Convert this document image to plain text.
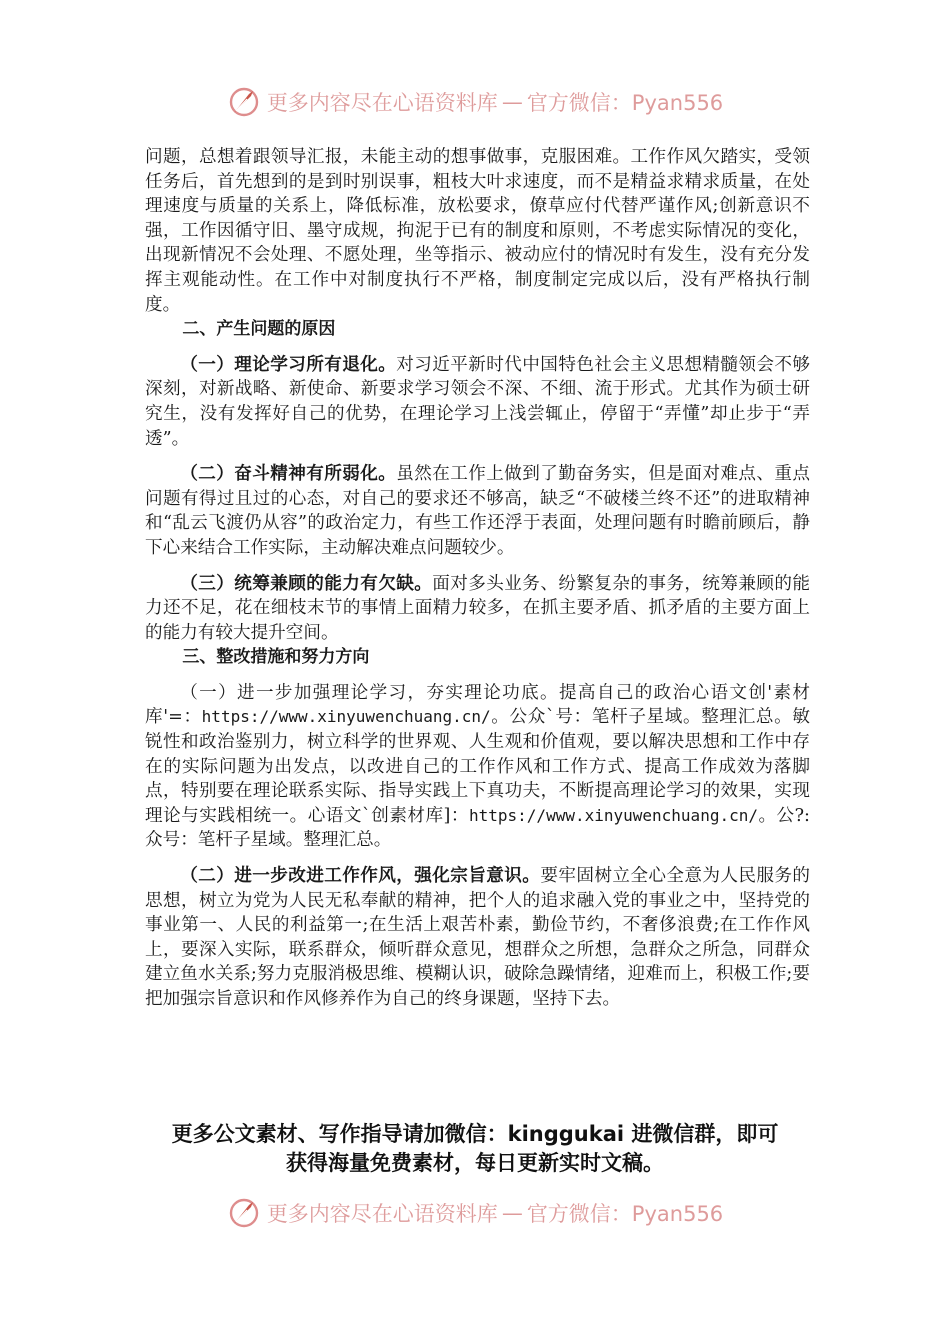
更多内容尽在心语资料库 — 官方微信：Pyan556

问题，总想着跟领导汇报，未能主动的想事做事，克服困难。工作作风欠踏实，受领任务后，首先想到的是到时别误事，粗枝大叶求速度，而不是精益求精求质量，在处理速度与质量的关系上，降低标准，放松要求，僚草应付代替严谨作风;创新意识不强，工作因循守旧、墨守成规，拘泥于已有的制度和原则，不考虑实际情况的变化，出现新情况不会处理、不愿处理，坐等指示、被动应付的情况时有发生，没有充分发挥主观能动性。在工作中对制度执行不严格，制度制定完成以后，没有严格执行制度。

二、产生问题的原因

（一）理论学习所有退化。对习近平新时代中国特色社会主义思想精髓领会不够深刻，对新战略、新使命、新要求学习领会不深、不细、流于形式。尤其作为硕士研究生，没有发挥好自己的优势，在理论学习上浅尝辄止，停留于“弄懂”却止步于“弄透”。

（二）奋斗精神有所弱化。虽然在工作上做到了勤奋务实，但是面对难点、重点问题有得过且过的心态，对自己的要求还不够高，缺乏“不破楼兰终不还”的进取精神和“乱云飞渡仍从容”的政治定力，有些工作还浮于表面，处理问题有时瞻前顾后，静下心来结合工作实际，主动解决难点问题较少。

（三）统筹兼顾的能力有欠缺。面对多头业务、纷繁复杂的事务，统筹兼顾的能力还不足，花在细枝末节的事情上面精力较多，在抓主要矛盾、抓矛盾的主要方面上的能力有较大提升空间。

三、整改措施和努力方向

（一）进一步加强理论学习，夯实理论功底。提高自己的政治心语文创'素材库'=：https://www.xinyuwenchuang.cn/。公众`号：笔杆子星域。整理汇总。敏锐性和政治鉴别力，树立科学的世界观、人生观和价值观，要以解决思想和工作中存在的实际问题为出发点，以改进自己的工作作风和工作方式、提高工作成效为落脚点，特别要在理论联系实际、指导实践上下真功夫，不断提高理论学习的效果，实现理论与实践相统一。心语文`创素材库]：https://www.xinyuwenchuang.cn/。公?:众号：笔杆子星域。整理汇总。

（二）进一步改进工作作风，强化宗旨意识。要牢固树立全心全意为人民服务的思想，树立为党为人民无私奉献的精神，把个人的追求融入党的事业之中，坚持党的事业第一、人民的利益第一;在生活上艰苦朴素，勤俭节约，不奢侈浪费;在工作作风上，要深入实际，联系群众，倾听群众意见，想群众之所想，急群众之所急，同群众建立鱼水关系;努力克服消极思维、模糊认识，破除急躁情绪，迎难而上，积极工作;要把加强宗旨意识和作风修养作为自己的终身课题，坚持下去。

更多公文素材、写作指导请加微信：kinggukai 进微信群，即可
获得海量免费素材，每日更新实时文稿。
更多内容尽在心语资料库 — 官方微信：Pyan556
